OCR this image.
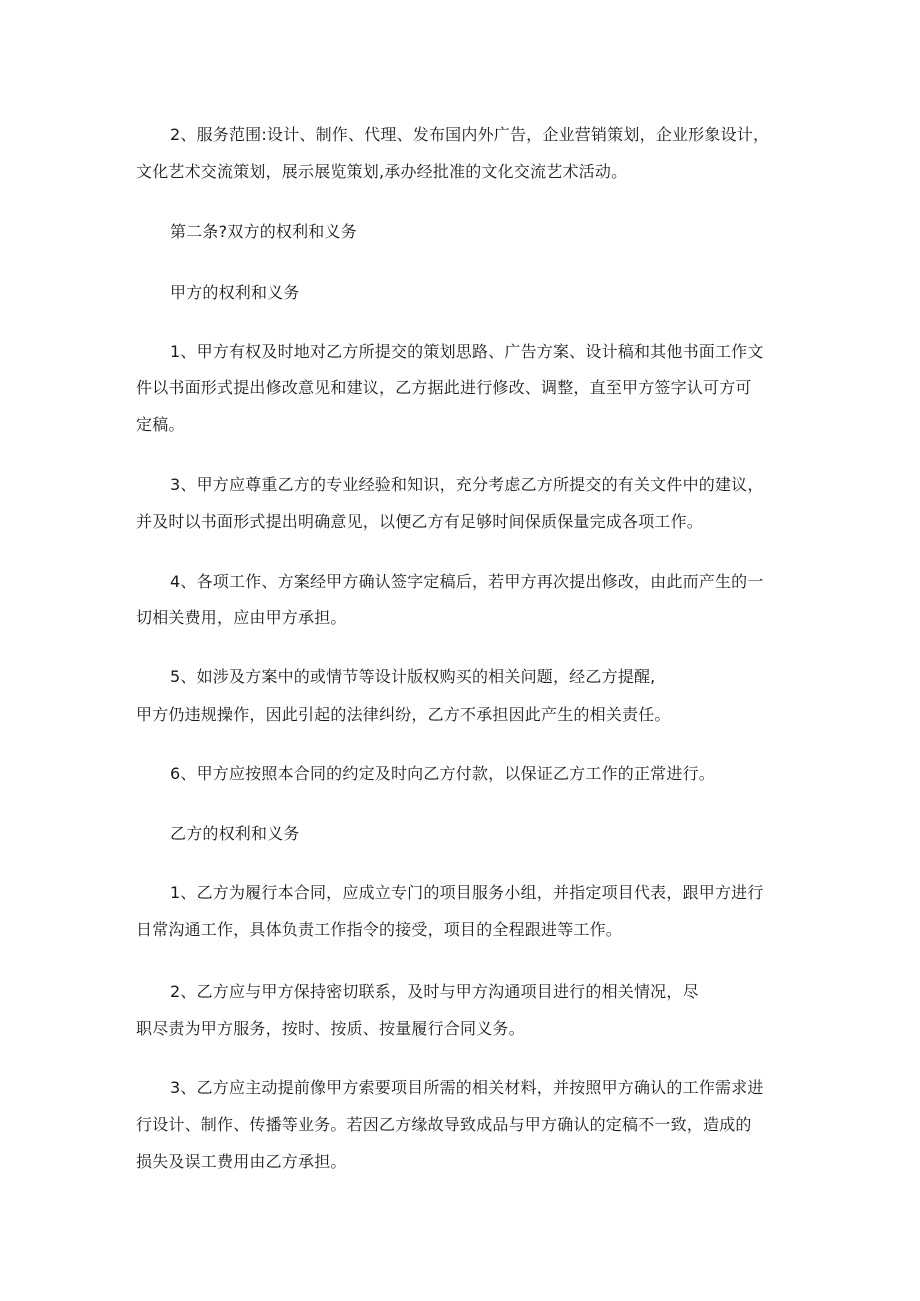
2、服务范围:设计、制作、代理、发布国内外广告，企业营销策划，企业形象设计，
文化艺术交流策划，展示展览策划,承办经批准的文化交流艺术活动。
第二条?双方的权利和义务
甲方的权利和义务
1、甲方有权及时地对乙方所提交的策划思路、广告方案、设计稿和其他书面工作文
件以书面形式提出修改意见和建议，乙方据此进行修改、调整，直至甲方签字认可方可
定稿。
3、甲方应尊重乙方的专业经验和知识，充分考虑乙方所提交的有关文件中的建议，
并及时以书面形式提出明确意见，以便乙方有足够时间保质保量完成各项工作。
4、各项工作、方案经甲方确认签字定稿后，若甲方再次提出修改，由此而产生的一
切相关费用，应由甲方承担。
5、如涉及方案中的或情节等设计版权购买的相关问题，经乙方提醒,
甲方仍违规操作，因此引起的法律纠纷，乙方不承担因此产生的相关责任。
6、甲方应按照本合同的约定及时向乙方付款，以保证乙方工作的正常进行。
乙方的权利和义务
1、乙方为履行本合同，应成立专门的项目服务小组，并指定项目代表，跟甲方进行
日常沟通工作，具体负责工作指令的接受，项目的全程跟进等工作。
2、乙方应与甲方保持密切联系，及时与甲方沟通项目进行的相关情况，尽
职尽责为甲方服务，按时、按质、按量履行合同义务。
3、乙方应主动提前像甲方索要项目所需的相关材料，并按照甲方确认的工作需求进
行设计、制作、传播等业务。若因乙方缘故导致成品与甲方确认的定稿不一致，造成的
损失及误工费用由乙方承担。
